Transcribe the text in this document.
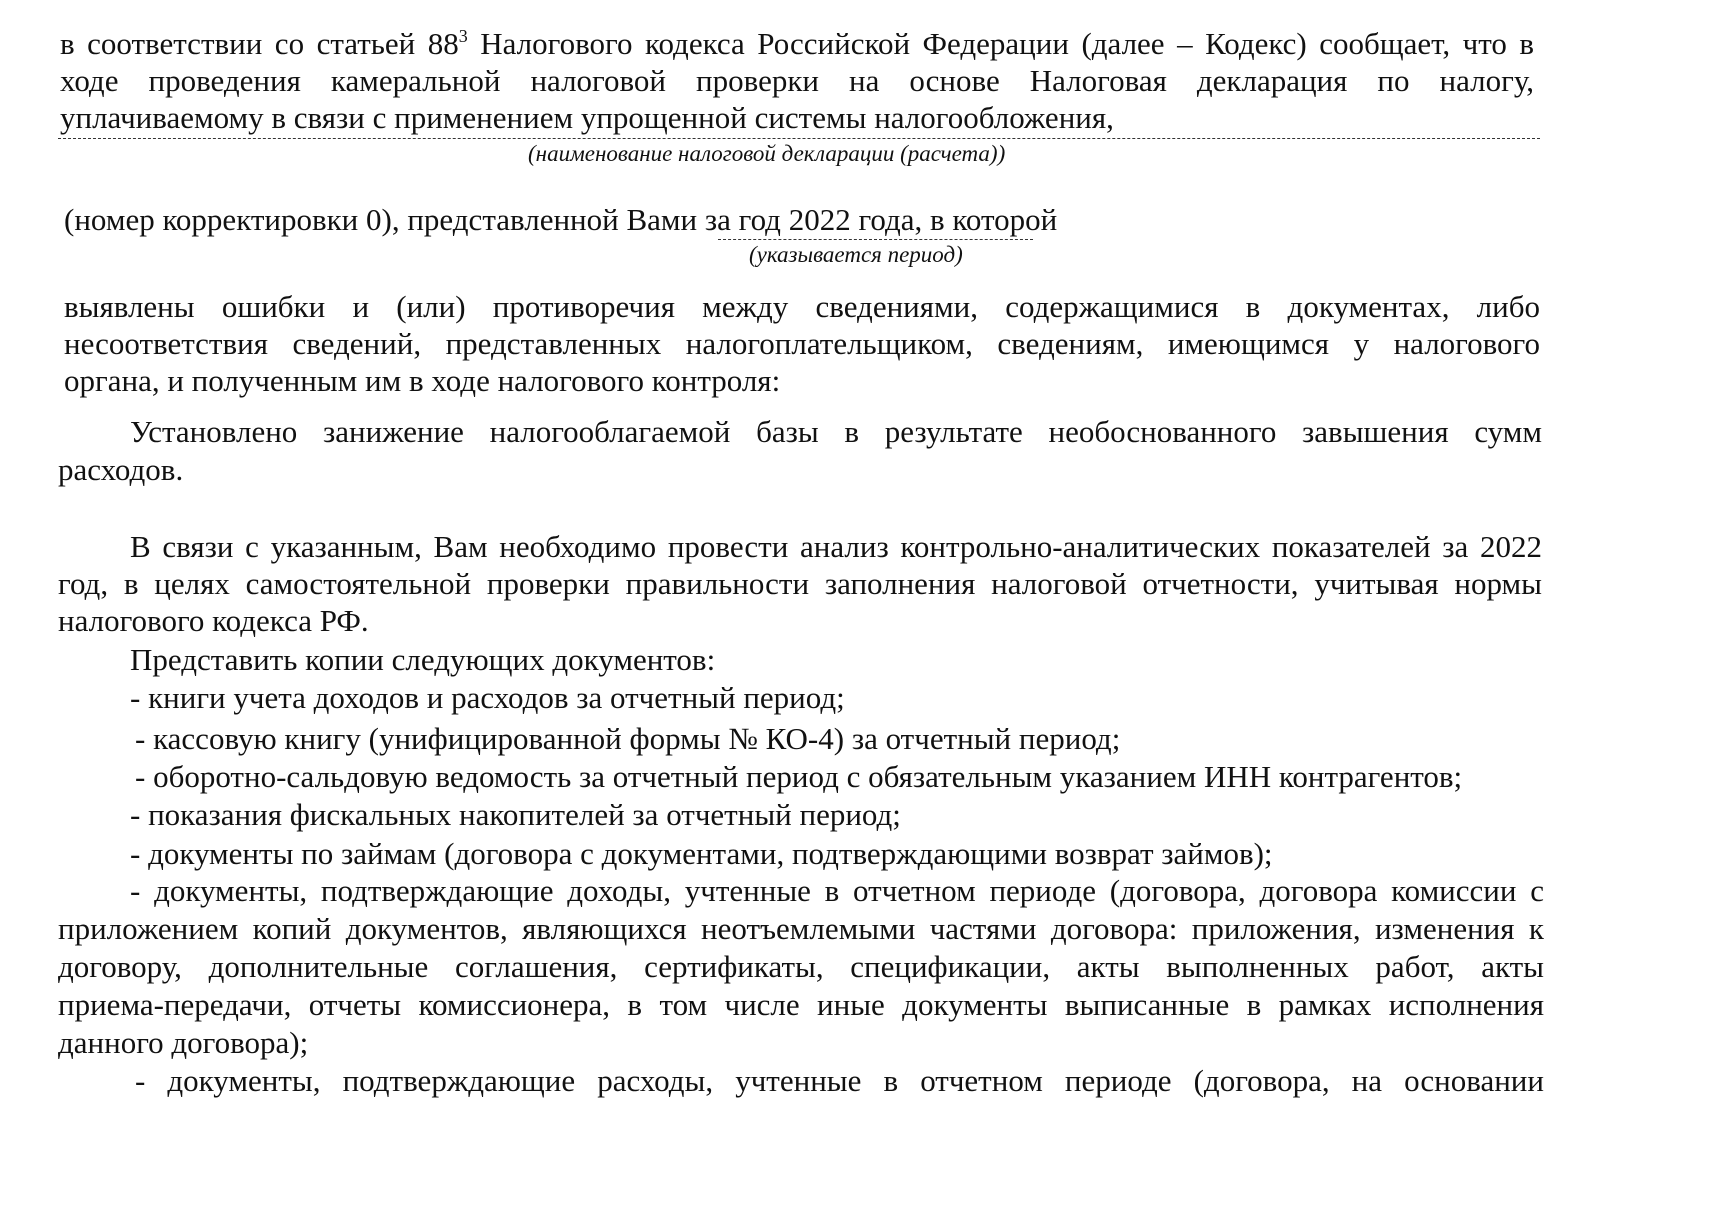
в соответствии со статьей $88^3$ Налогового кодекса Российской Федерации (далее – Кодекс) сообщает, что в
ходе проведения камеральной налоговой проверки на основе Налоговая декларация по налогу,
уплачиваемому в связи с применением упрощенной системы налогообложения,
(наименование налоговой декларации (расчета))
(номер корректировки 0), представленной Вами за год 2022 года, в которой
(указывается период)
выявлены ошибки и (или) противоречия между сведениями, содержащимися в документах, либо
несоответствия сведений, представленных налогоплательщиком, сведениям, имеющимся у налогового
органа, и полученным им в ходе налогового контроля:
Установлено занижение налогооблагаемой базы в результате необоснованного завышения сумм
расходов.
В связи с указанным, Вам необходимо провести анализ контрольно-аналитических показателей за 2022
год, в целях самостоятельной проверки правильности заполнения налоговой отчетности, учитывая нормы
налогового кодекса РФ.
Представить копии следующих документов:
- книги учета доходов и расходов за отчетный период;
- кассовую книгу (унифицированной формы № КО-4) за отчетный период;
- оборотно-сальдовую ведомость за отчетный период с обязательным указанием ИНН контрагентов;
- показания фискальных накопителей за отчетный период;
- документы по займам (договора с документами, подтверждающими возврат займов);
- документы, подтверждающие доходы, учтенные в отчетном периоде (договора, договора комиссии с
приложением копий документов, являющихся неотъемлемыми частями договора: приложения, изменения к
договору, дополнительные соглашения, сертификаты, спецификации, акты выполненных работ, акты
приема-передачи, отчеты комиссионера, в том числе иные документы выписанные в рамках исполнения
данного договора);
- документы, подтверждающие расходы, учтенные в отчетном периоде (договора, на основании
